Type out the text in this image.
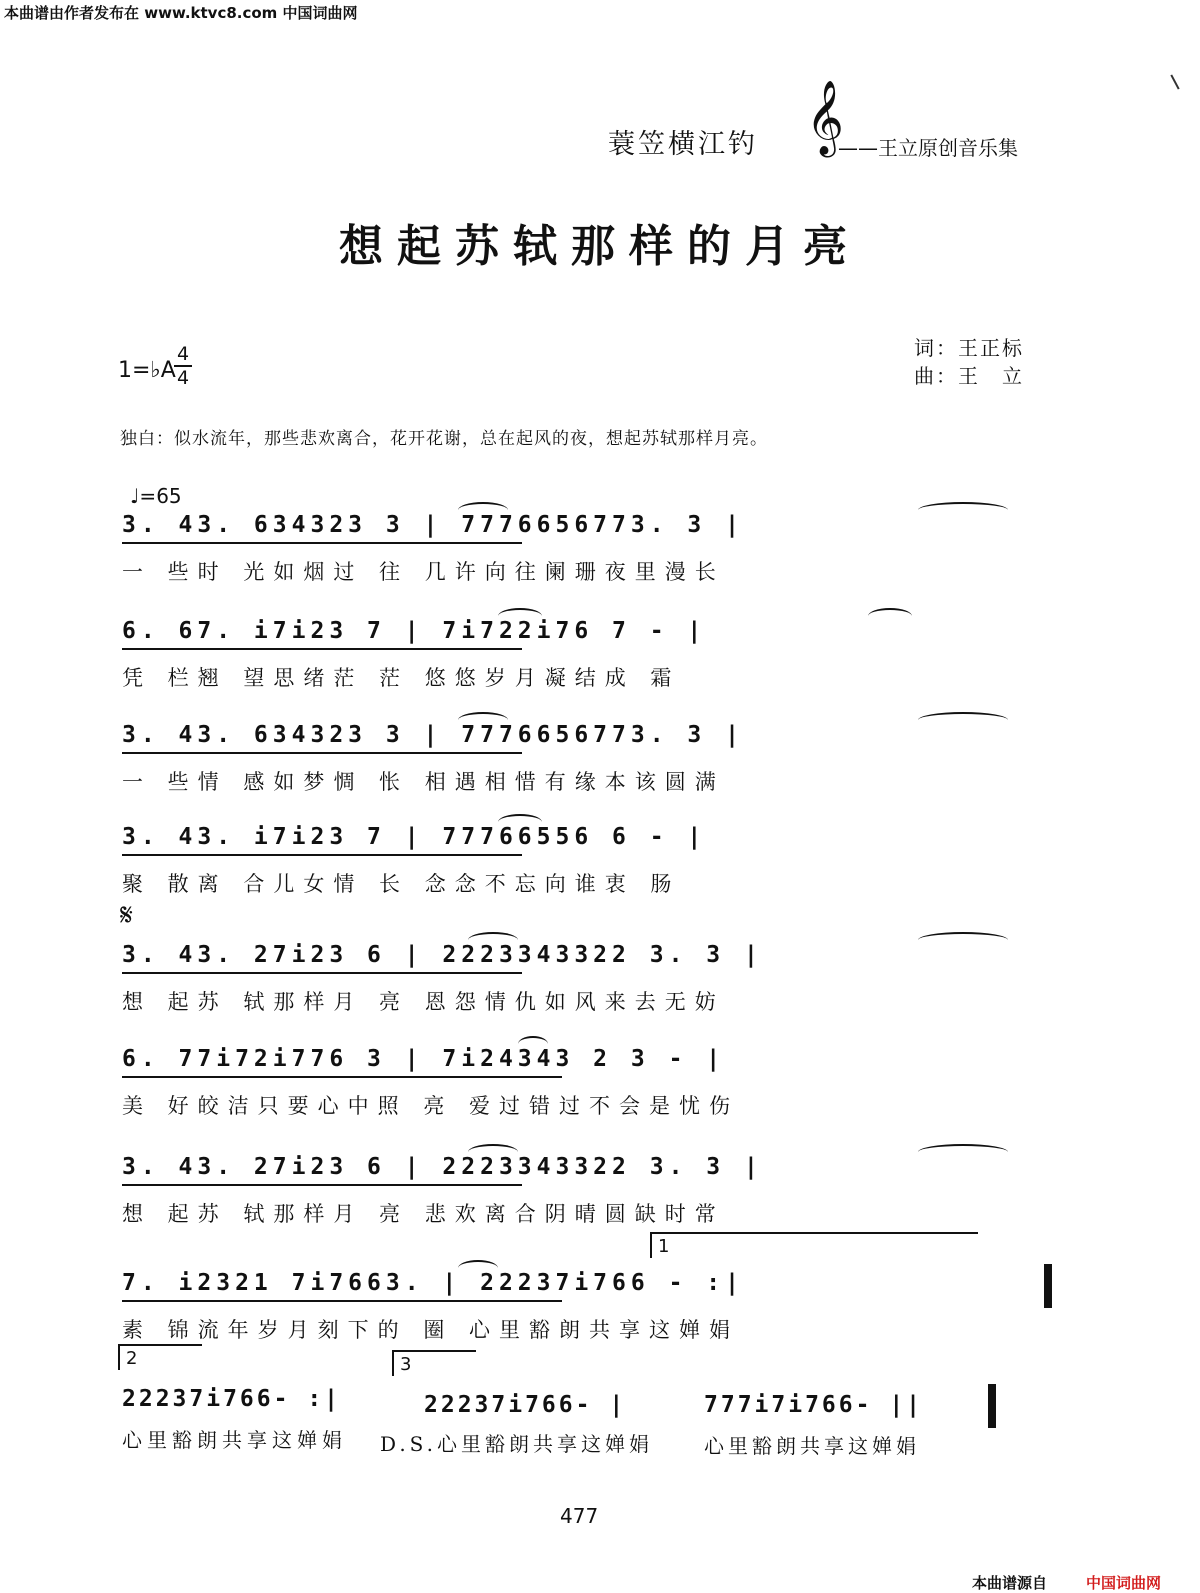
本曲谱由作者发布在 www.ktvc8.com 中国词曲网
蓑笠横江钓 𝄞
——王立原创音乐集
想起苏轼那样的月亮
1=♭A
4
4
词：王正标
曲：王　立
独白：似水流年，那些悲欢离合，花开花谢，总在起风的夜，想起苏轼那样月亮。
♩=65
3. 43. 634323 3 | 7776656773. 3 |
一 些时 光如烟过 往 几许向往阑珊夜里漫长
6. 67. i7i23 7 | 7i722i76 7 - |
凭 栏翘 望思绪茫 茫 悠悠岁月凝结成 霜
3. 43. 634323 3 | 7776656773. 3 |
一 些情 感如梦惆 怅 相遇相惜有缘本该圆满
3. 43. i7i23 7 | 77766556 6 - |
聚 散离 合儿女情 长 念念不忘向谁衷 肠
𝄋
3. 43. 27i23 6 | 2223343322 3. 3 |
想 起苏 轼那样月 亮 恩怨情仇如风来去无妨
6. 77i72i776 3 | 7i24343 2 3 - |
美 好皎洁只要心中照 亮 爱过错过不会是忧伤
3. 43. 27i23 6 | 2223343322 3. 3 |
想 起苏 轼那样月 亮 悲欢离合阴晴圆缺时常
1
7. i2321 7i7663. | 22237i766 - :|
素 锦流年岁月刻下的 圈 心里豁朗共享这婵娟
2	3
22237i766- :|
心里豁朗共享这婵娟
22237i766- |
D.S.心里豁朗共享这婵娟
777i7i766- ||
心里豁朗共享这婵娟
477
本曲谱源自	中国词曲网
